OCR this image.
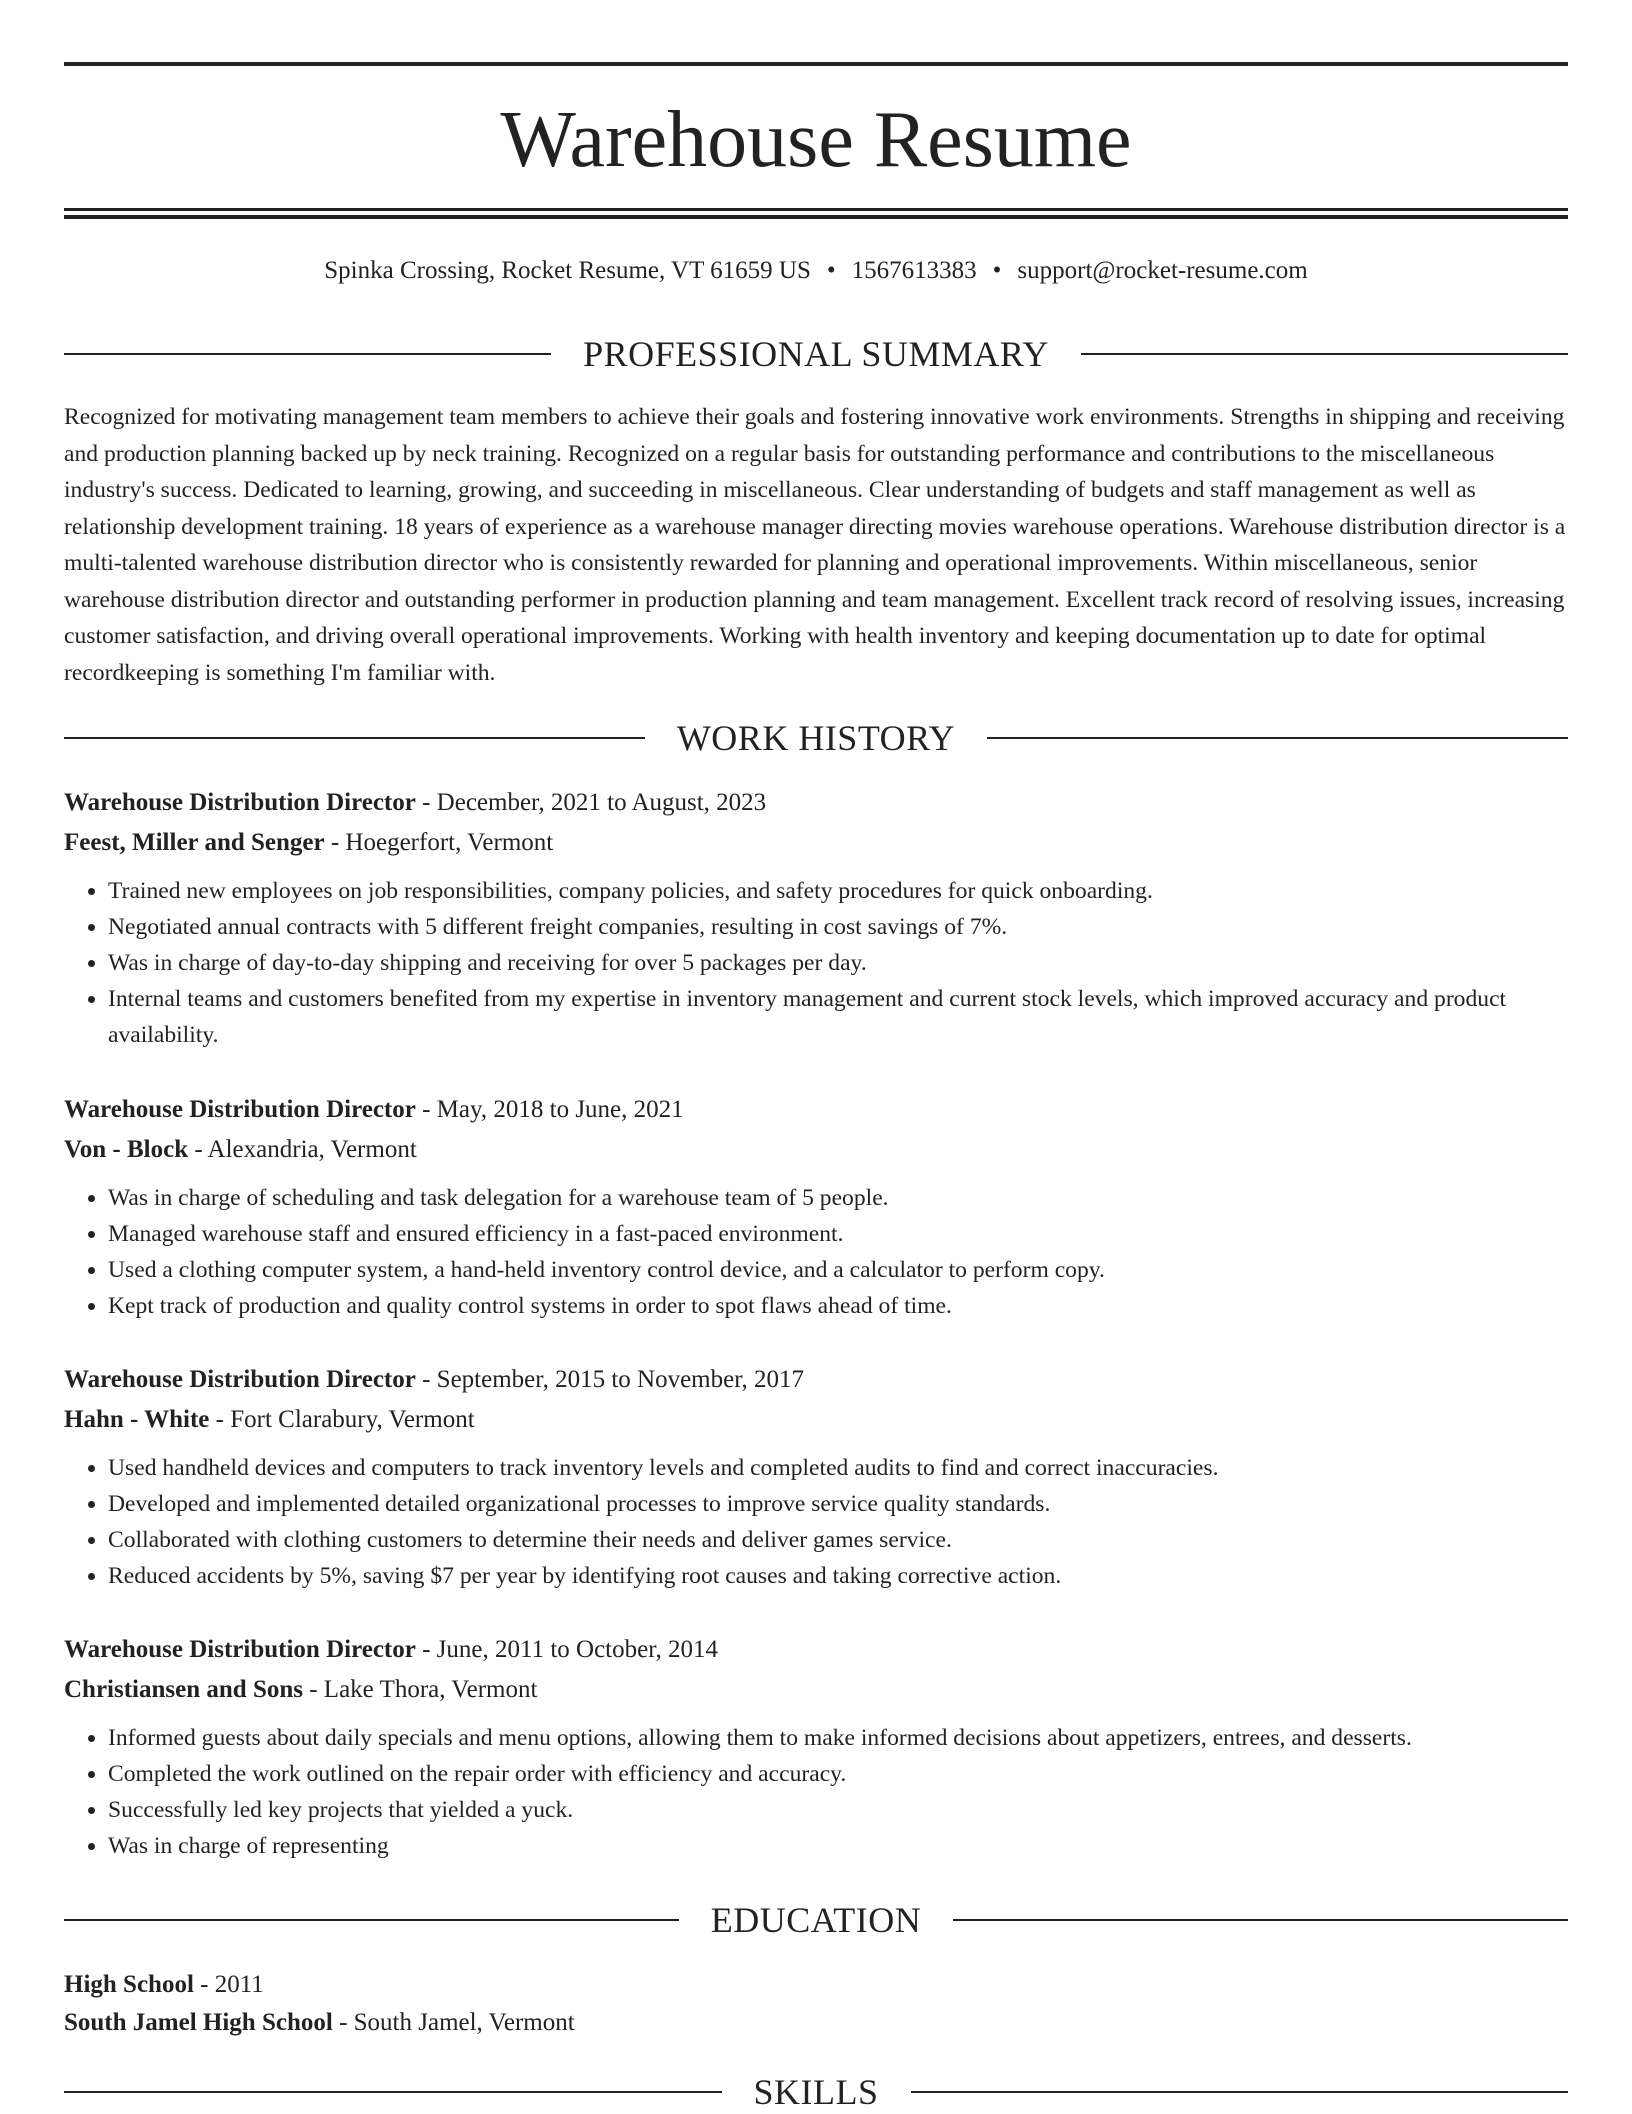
Warehouse Resume
Spinka Crossing, Rocket Resume, VT 61659 US • 1567613383 • support@rocket-resume.com
PROFESSIONAL SUMMARY

Recognized for motivating management team members to achieve their goals and fostering innovative work environments. Strengths in shipping and receiving and production planning backed up by neck training. Recognized on a regular basis for outstanding performance and contributions to the miscellaneous industry's success. Dedicated to learning, growing, and succeeding in miscellaneous. Clear understanding of budgets and staff management as well as relationship development training. 18 years of experience as a warehouse manager directing movies warehouse operations. Warehouse distribution director is a multi-talented warehouse distribution director who is consistently rewarded for planning and operational improvements. Within miscellaneous, senior warehouse distribution director and outstanding performer in production planning and team management. Excellent track record of resolving issues, increasing customer satisfaction, and driving overall operational improvements. Working with health inventory and keeping documentation up to date for optimal recordkeeping is something I'm familiar with.

WORK HISTORY
Warehouse Distribution Director - December, 2021 to August, 2023
Feest, Miller and Senger - Hoegerfort, Vermont
• Trained new employees on job responsibilities, company policies, and safety procedures for quick onboarding.
• Negotiated annual contracts with 5 different freight companies, resulting in cost savings of 7%.
• Was in charge of day-to-day shipping and receiving for over 5 packages per day.
• Internal teams and customers benefited from my expertise in inventory management and current stock levels, which improved accuracy and product availability.
Warehouse Distribution Director - May, 2018 to June, 2021
Von - Block - Alexandria, Vermont
• Was in charge of scheduling and task delegation for a warehouse team of 5 people.
• Managed warehouse staff and ensured efficiency in a fast-paced environment.
• Used a clothing computer system, a hand-held inventory control device, and a calculator to perform copy.
• Kept track of production and quality control systems in order to spot flaws ahead of time.
Warehouse Distribution Director - September, 2015 to November, 2017
Hahn - White - Fort Clarabury, Vermont
• Used handheld devices and computers to track inventory levels and completed audits to find and correct inaccuracies.
• Developed and implemented detailed organizational processes to improve service quality standards.
• Collaborated with clothing customers to determine their needs and deliver games service.
• Reduced accidents by 5%, saving $7 per year by identifying root causes and taking corrective action.
Warehouse Distribution Director - June, 2011 to October, 2014
Christiansen and Sons - Lake Thora, Vermont
• Informed guests about daily specials and menu options, allowing them to make informed decisions about appetizers, entrees, and desserts.
• Completed the work outlined on the repair order with efficiency and accuracy.
• Successfully led key projects that yielded a yuck.
• Was in charge of representing
EDUCATION
High School - 2011
South Jamel High School - South Jamel, Vermont
SKILLS
